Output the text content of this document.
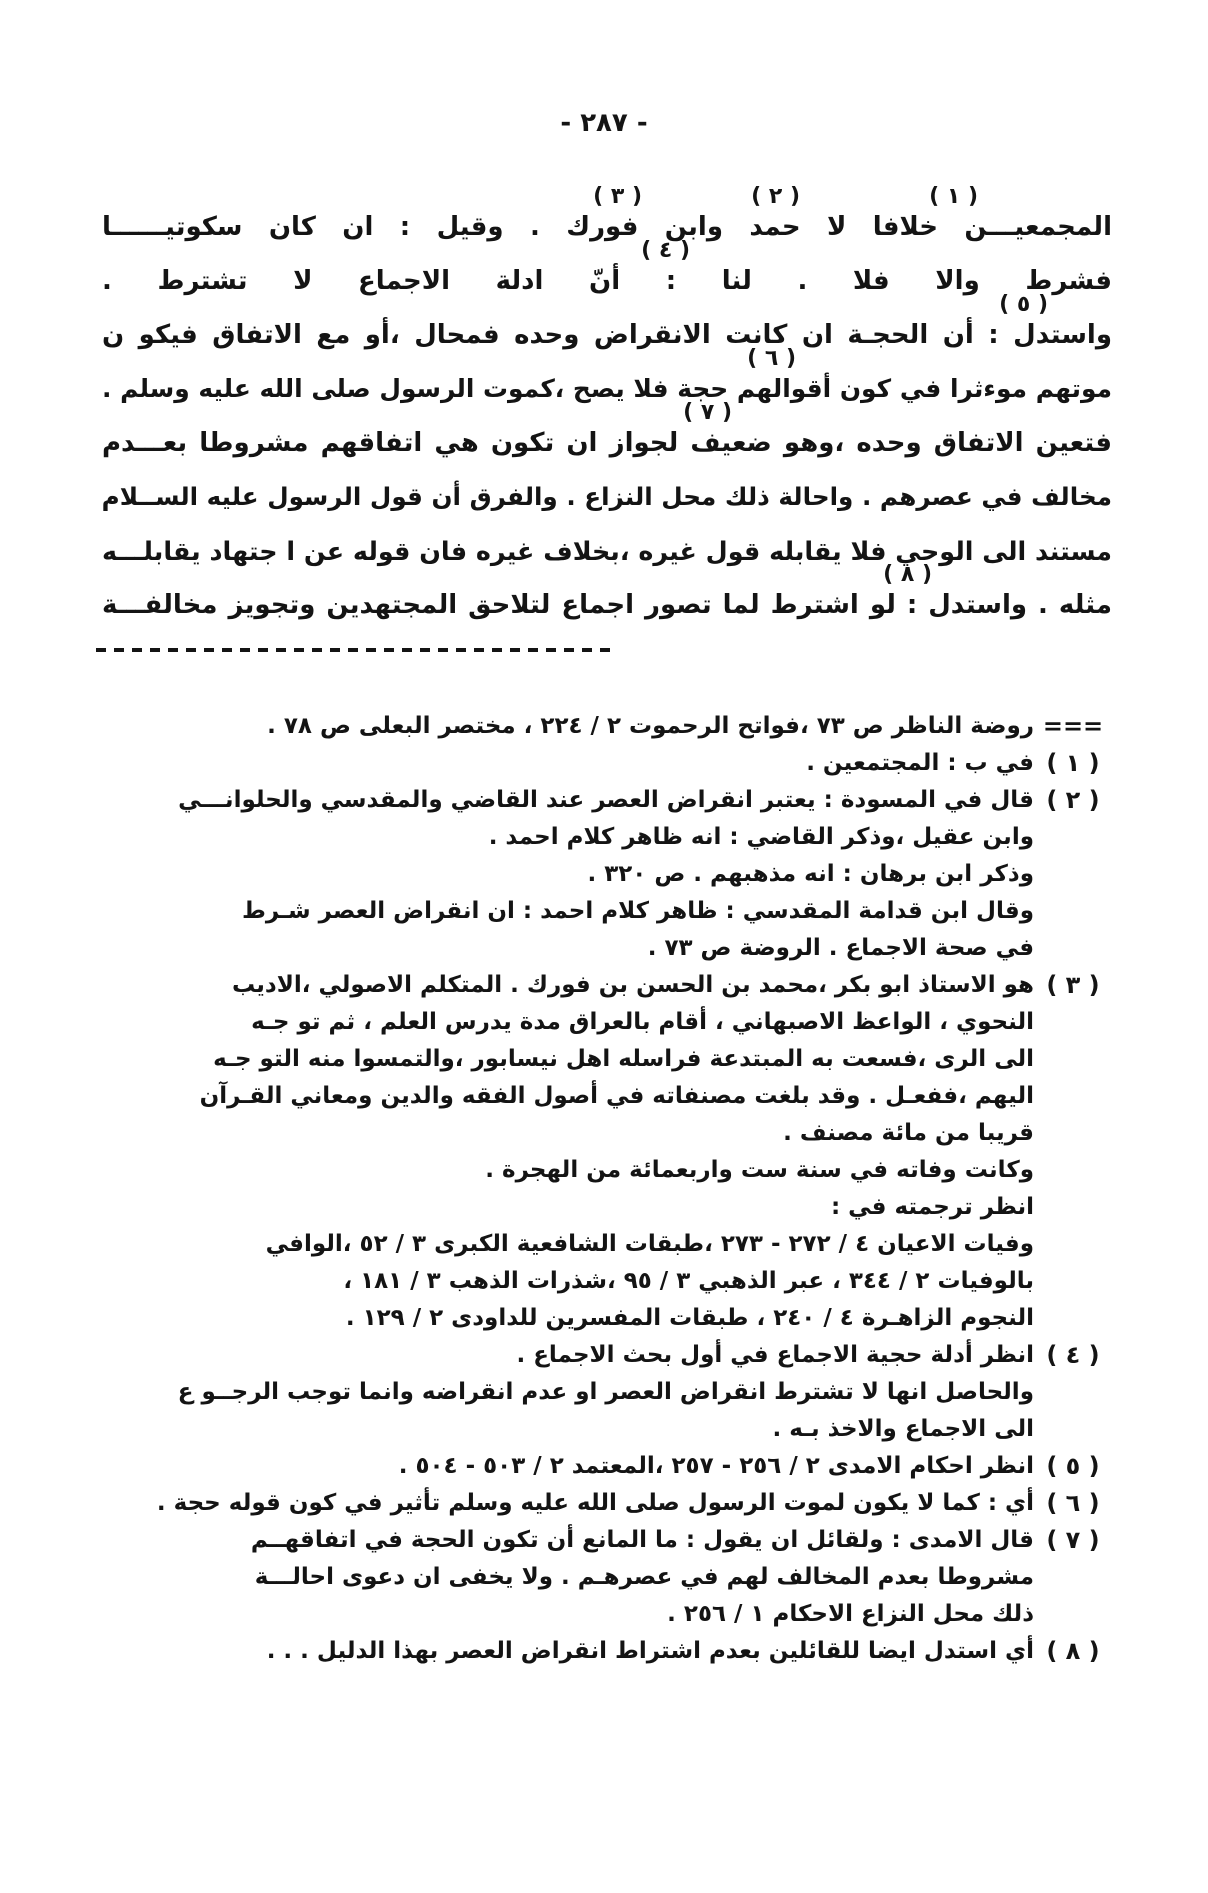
- ٢٨٧ -
المجمعيـــن خلافا لا حمد وابن فورك . وقيل : ان كان سكوتيــــــا
( ١ )
( ٢ )
( ٣ )
فشرط والا فلا . لنا : أنّ ادلة الاجماع لا تشترط .
( ٤ )
واستدل : أن الحجـة ان كانت الانقراض وحده فمحال ،أو مع الاتفاق فيكو ن
( ٥ )
موتهم موءثرا في كون أقوالهم حجة فلا يصح ،كموت الرسول صلى الله عليه وسلم .
( ٦ )
فتعين الاتفاق وحده ،وهو ضعيف لجواز ان تكون هي اتفاقهم مشروطا بعـــدم
( ٧ )
مخالف في عصرهم . واحالة ذلك محل النزاع . والفرق أن قول الرسول عليه الســلام
مستند الى الوحي فلا يقابله قول غيره ،بخلاف غيره فان قوله عن ا جتهاد يقابلـــه
مثله . واستدل : لو اشترط لما تصور اجماع لتلاحق المجتهدين وتجويز مخالفـــة
( ٨ )
===
روضة الناظر ص ٧٣ ،فواتح الرحموت ٢ / ٢٢٤ ، مختصر البعلى ص ٧٨ .
( ١ )
في ب : المجتمعين .
( ٢ )
قال في المسودة : يعتبر انقراض العصر عند القاضي والمقدسي والحلوانـــي
وابن عقيل ،وذكر القاضي : انه ظاهر كلام احمد .
وذكر ابن برهان : انه مذهبهم . ص ٣٢٠ .
وقال ابن قدامة المقدسي : ظاهر كلام احمد : ان انقراض العصر شـرط
في صحة الاجماع . الروضة ص ٧٣ .
( ٣ )
هو الاستاذ ابو بكر ،محمد بن الحسن بن فورك . المتكلم الاصولي ،الاديب
النحوي ، الواعظ الاصبهاني ، أقام بالعراق مدة يدرس العلم ، ثم تو جـه
الى الرى ،فسعت به المبتدعة فراسله اهل نيسابور ،والتمسوا منه التو جـه
اليهم ،ففعـل . وقد بلغت مصنفاته في أصول الفقه والدين ومعاني القـرآن
قريبا من مائة مصنف .
وكانت وفاته في سنة ست واربعمائة من الهجرة .
انظر ترجمته في :
وفيات الاعيان ٤ / ٢٧٢ - ٢٧٣ ،طبقات الشافعية الكبرى ٣ / ٥٢ ،الوافي
بالوفيات ٢ / ٣٤٤ ، عبر الذهبي ٣ / ٩٥ ،شذرات الذهب ٣ / ١٨١ ،
النجوم الزاهـرة ٤ / ٢٤٠ ، طبقات المفسرين للداودى ٢ / ١٢٩ .
( ٤ )
انظر أدلة حجية الاجماع في أول بحث الاجماع .
والحاصل انها لا تشترط انقراض العصر او عدم انقراضه وانما توجب الرجــو ع
الى الاجماع والاخذ بـه .
( ٥ )
انظر احكام الامدى ٢ / ٢٥٦ - ٢٥٧ ،المعتمد ٢ / ٥٠٣ - ٥٠٤ .
( ٦ )
أي : كما لا يكون لموت الرسول صلى الله عليه وسلم تأثير في كون قوله حجة .
( ٧ )
قال الامدى : ولقائل ان يقول : ما المانع أن تكون الحجة في اتفاقهــم
مشروطا بعدم المخالف لهم في عصرهـم . ولا يخفى ان دعوى احالـــة
ذلك محل النزاع الاحكام ١ / ٢٥٦ .
( ٨ )
أي استدل ايضا للقائلين بعدم اشتراط انقراض العصر بهذا الدليل . . .
